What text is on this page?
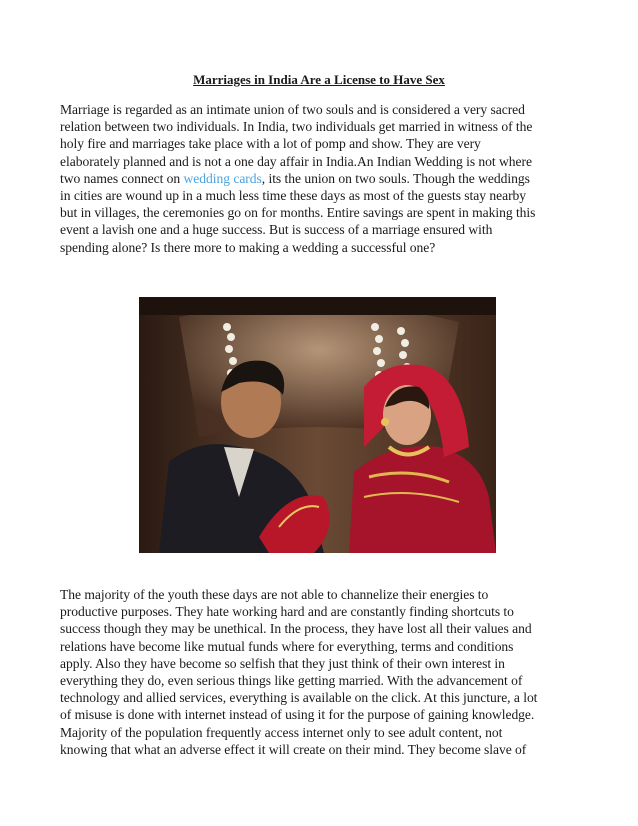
Marriages in India Are a License to Have Sex
Marriage is regarded as an intimate union of two souls and is considered a very sacred
relation between two individuals. In India, two individuals get married in witness of the
holy fire and marriages take place with a lot of pomp and show. They are very
elaborately planned and is not a one day affair in India.An Indian Wedding is not where
two names connect on wedding cards, its the union on two souls. Though the weddings
in cities are wound up in a much less time these days as most of the guests stay nearby
but in villages, the ceremonies go on for months. Entire savings are spent in making this
event a lavish one and a huge success. But is success of a marriage ensured with
spending alone? Is there more to making a wedding a successful one?
The majority of the youth these days are not able to channelize their energies to
productive purposes. They hate working hard and are constantly finding shortcuts to
success though they may be unethical. In the process, they have lost all their values and
relations have become like mutual funds where for everything, terms and conditions
apply. Also they have become so selfish that they just think of their own interest in
everything they do, even serious things like getting married. With the advancement of
technology and allied services, everything is available on the click. At this juncture, a lot
of misuse is done with internet instead of using it for the purpose of gaining knowledge.
Majority of the population frequently access internet only to see adult content, not
knowing that what an adverse effect it will create on their mind. They become slave of
